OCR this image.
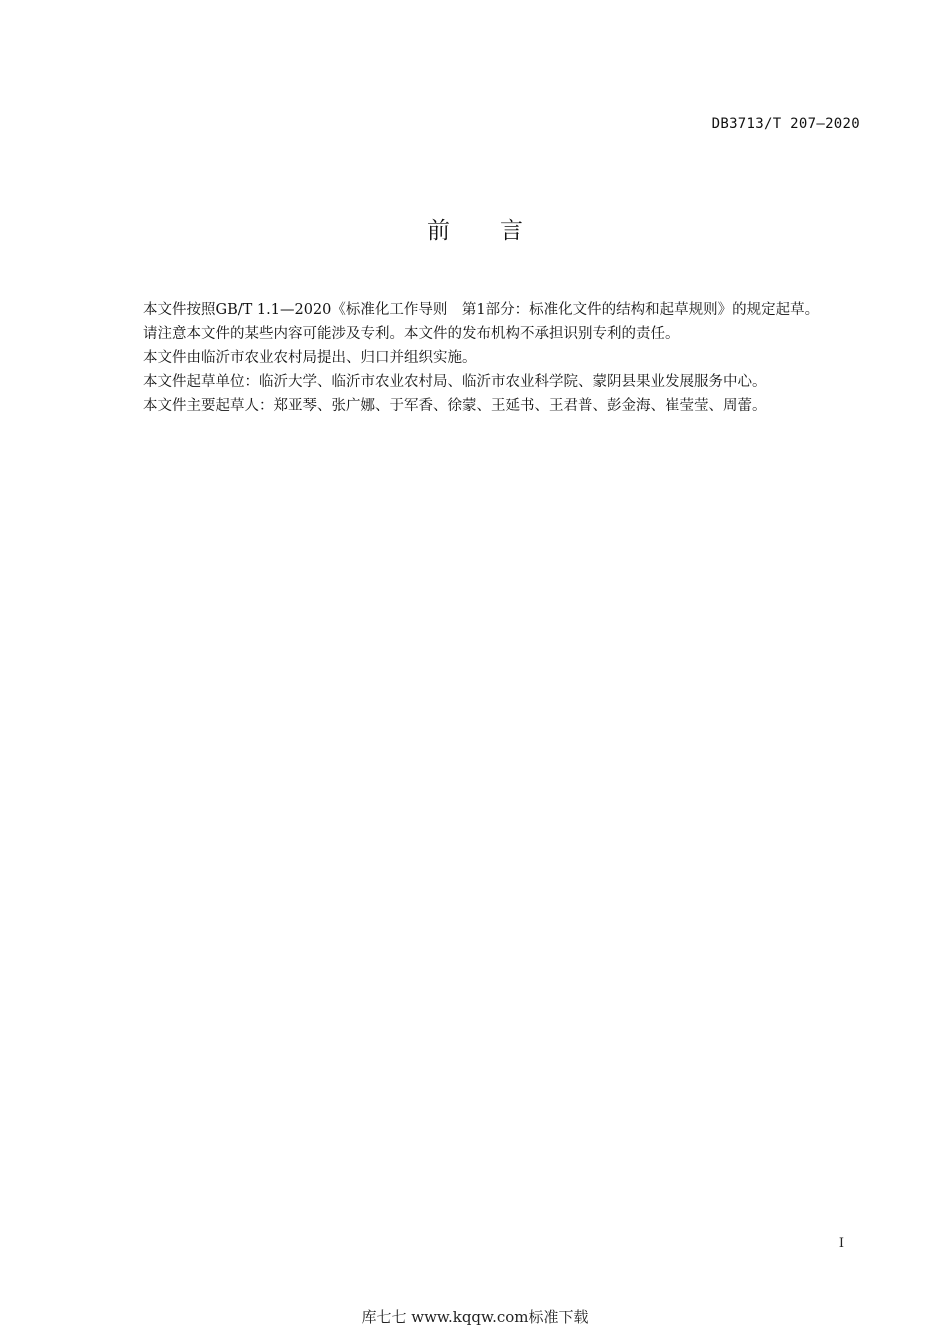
DB3713/T 207—2020
前言

本文件按照GB/T 1.1—2020《标准化工作导则　第1部分：标准化文件的结构和起草规则》的规定起草。

请注意本文件的某些内容可能涉及专利。本文件的发布机构不承担识别专利的责任。

本文件由临沂市农业农村局提出、归口并组织实施。

本文件起草单位：临沂大学、临沂市农业农村局、临沂市农业科学院、蒙阴县果业发展服务中心。

本文件主要起草人：郑亚琴、张广娜、于军香、徐蒙、王延书、王君普、彭金海、崔莹莹、周蕾。

I
库七七 www.kqqw.com标准下载
